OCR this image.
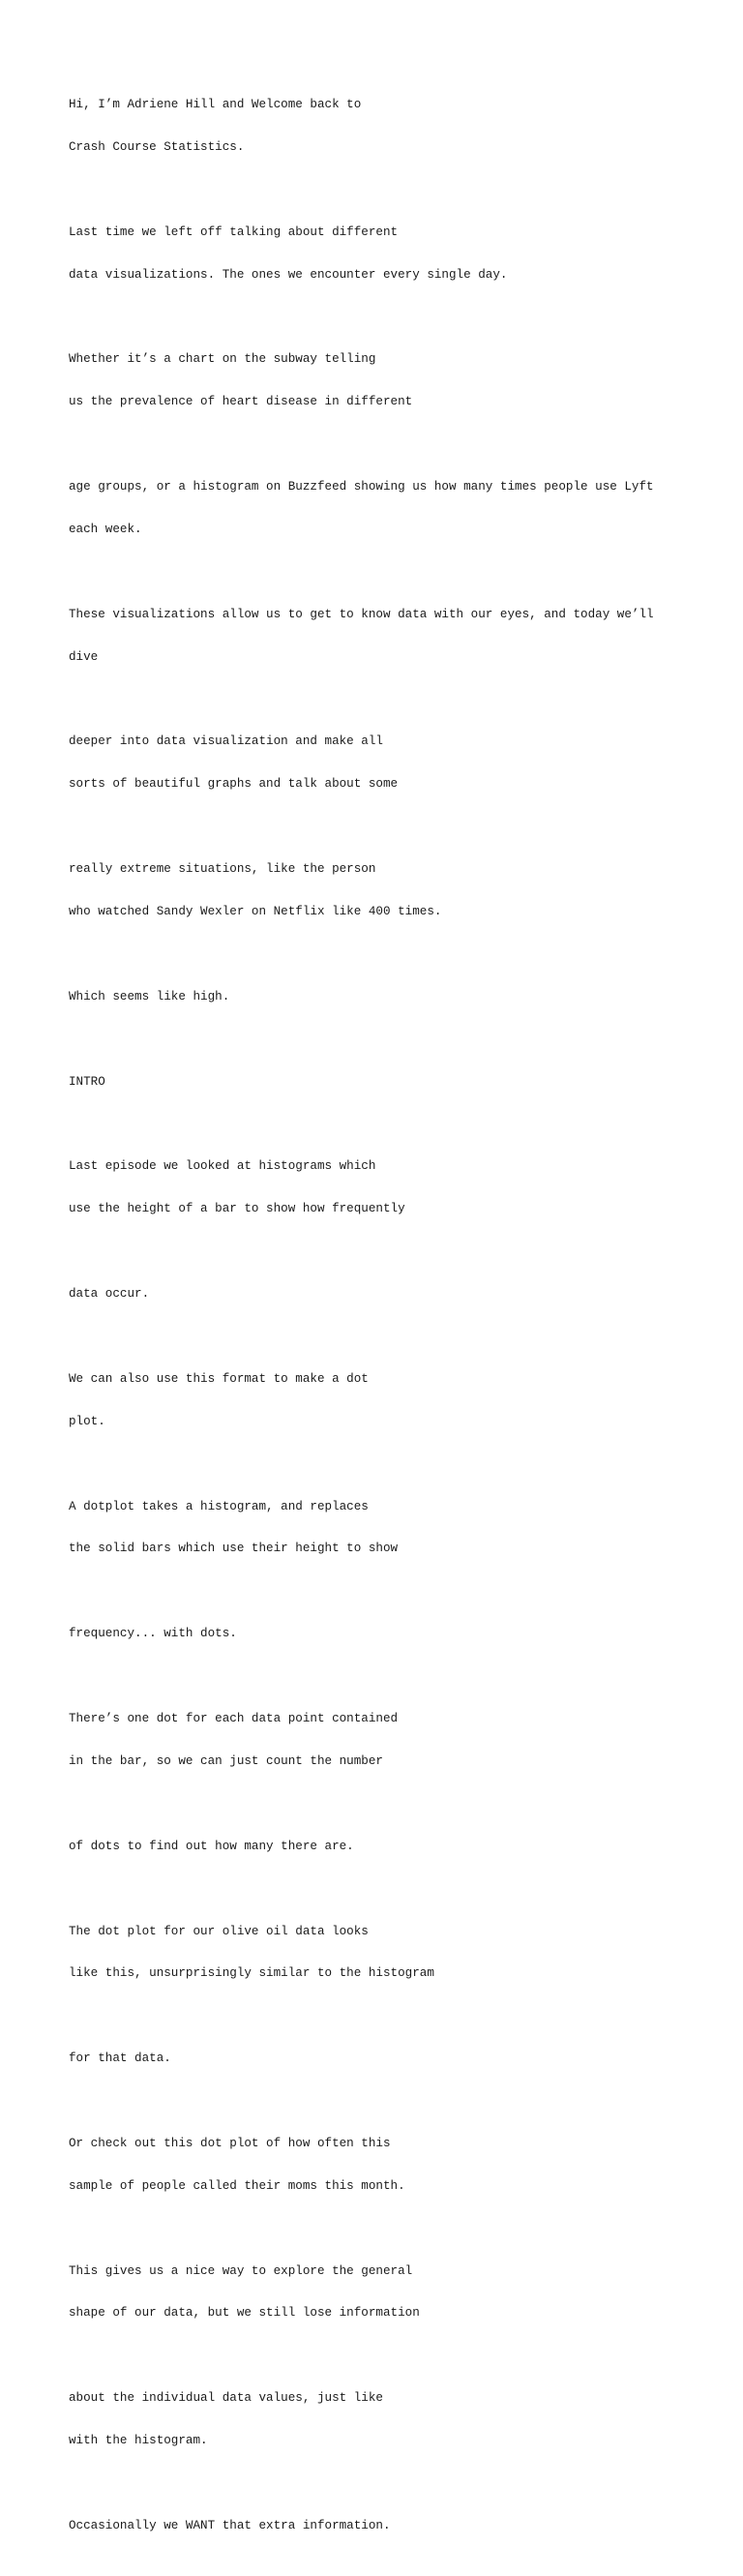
Hi, I’m Adriene Hill and Welcome back to

Crash Course Statistics.

Last time we left off talking about different

data visualizations. The ones we encounter every single day.

Whether it’s a chart on the subway telling

us the prevalence of heart disease in different

age groups, or a histogram on Buzzfeed showing us how many times people use Lyft

each week.

These visualizations allow us to get to know data with our eyes, and today we’ll

dive

deeper into data visualization and make all

sorts of beautiful graphs and talk about some

really extreme situations, like the person

who watched Sandy Wexler on Netflix like 400 times.

Which seems like high.

INTRO

Last episode we looked at histograms which

use the height of a bar to show how frequently

data occur.

We can also use this format to make a dot

plot.

A dotplot takes a histogram, and replaces

the solid bars which use their height to show

frequency... with dots.

There’s one dot for each data point contained

in the bar, so we can just count the number

of dots to find out how many there are.

The dot plot for our olive oil data looks

like this, unsurprisingly similar to the histogram

for that data.

Or check out this dot plot of how often this

sample of people called their moms this month.

This gives us a nice way to explore the general

shape of our data, but we still lose information

about the individual data values, just like

with the histogram.

Occasionally we WANT that extra information.
